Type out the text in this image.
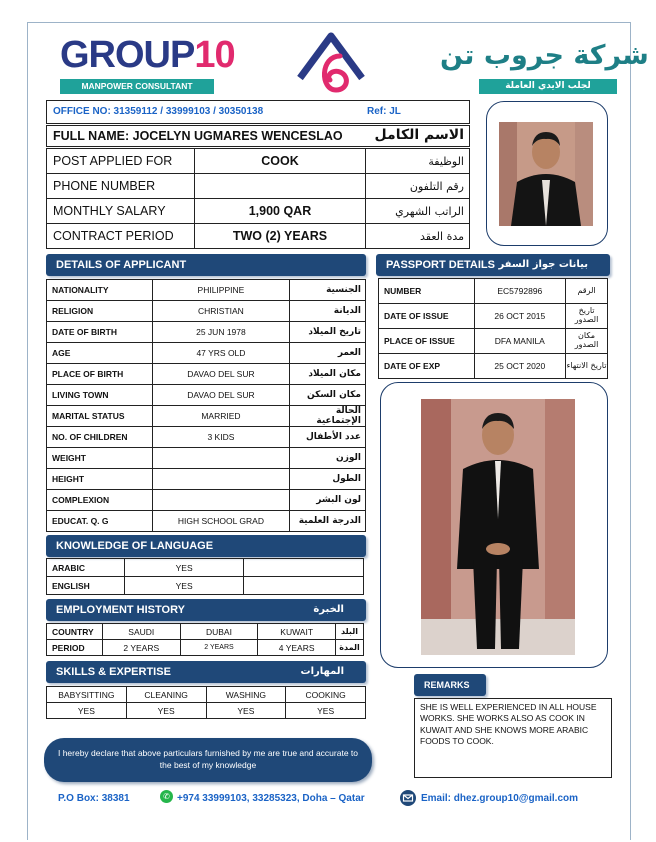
GROUP10
MANPOWER CONSULTANT
شركة جروب تن
لجلب الايدي العاملة
OFFICE NO: 31359112 / 33999103 / 30350138	Ref: JL
FULL NAME: JOCELYN UGMARES WENCESLAO الاسم الكامل
POST APPLIED FOR	COOK	الوظيفة
PHONE NUMBER		رقم التلفون
MONTHLY SALARY	1,900 QAR	الراتب الشهري
CONTRACT PERIOD	TWO (2) YEARS	مدة العقد
DETAILS OF APPLICANT
NATIONALITY	PHILIPPINE	الجنسية
RELIGION	CHRISTIAN	الديانة
DATE OF BIRTH	25 JUN 1978	تاريخ الميلاد
AGE	47 YRS OLD	العمر
PLACE OF BIRTH	DAVAO DEL SUR	مكان الميلاد
LIVING TOWN	DAVAO DEL SUR	مكان السكن
MARITAL STATUS	MARRIED	الحالة الإجتماعية
NO. OF CHILDREN	3 KIDS	عدد الأطفال
WEIGHT		الوزن
HEIGHT		الطول
COMPLEXION		لون البشر
EDUCAT. Q. G	HIGH SCHOOL GRAD	الدرجة العلمية
PASSPORT DETAILS بيانات جواز السفر
NUMBER	EC5792896	الرقم
DATE OF ISSUE	26 OCT 2015	تاريخ الصدور
PLACE OF ISSUE	DFA MANILA	مكان الصدور
DATE OF EXP	25 OCT 2020	تاريخ الانتهاء
KNOWLEDGE OF LANGUAGE
ARABIC	YES	
ENGLISH	YES	
EMPLOYMENT HISTORY	الخبرة
COUNTRY	SAUDI	DUBAI	KUWAIT	البلد
PERIOD	2 YEARS	2 YEARS	4 YEARS	المدة
SKILLS & EXPERTISE	المهارات
BABYSITTING	CLEANING	WASHING	COOKING
YES	YES	YES	YES
REMARKS
SHE IS WELL EXPERIENCED IN ALL HOUSE WORKS. SHE WORKS ALSO AS COOK IN KUWAIT AND SHE KNOWS MORE ARABIC FOODS TO COOK.
I hereby declare that above particulars furnished by me are true and accurate to the best of my knowledge
P.O Box: 38381	✆ +974 33999103, 33285323, Doha – Qatar	Email: dhez.group10@gmail.com
